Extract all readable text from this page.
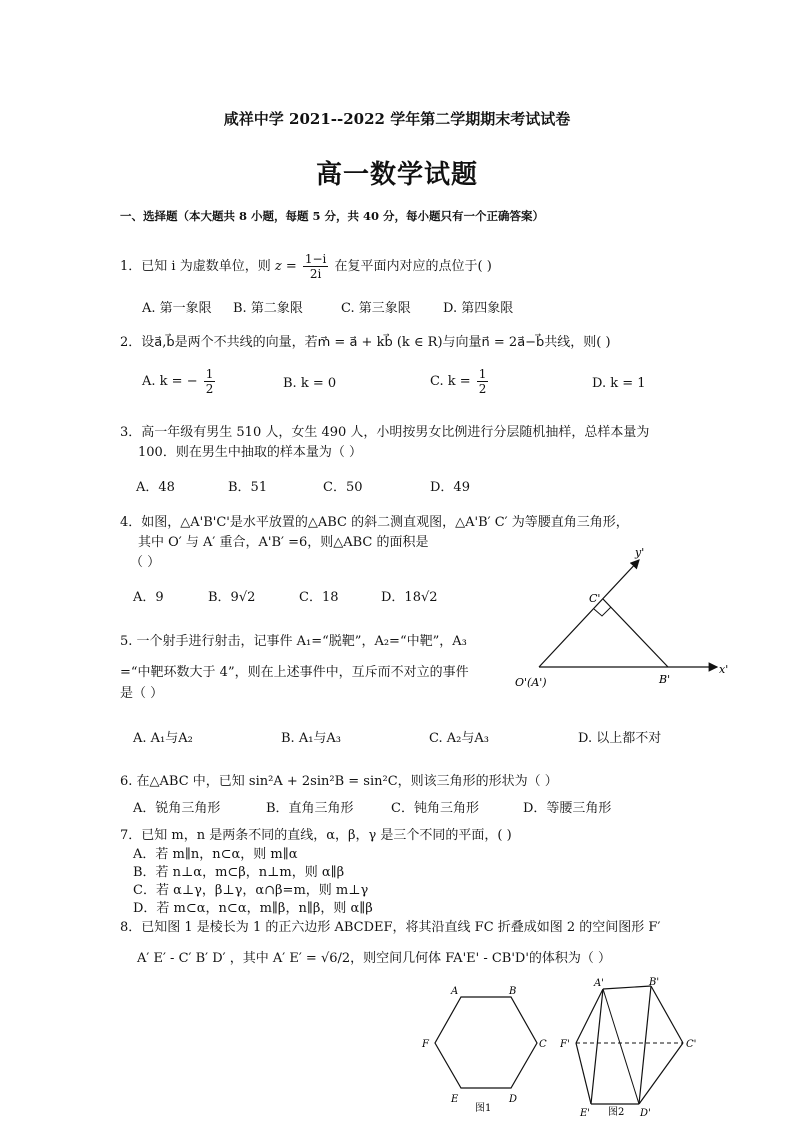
咸祥中学 2021--2022 学年第二学期期末考试试卷
高一数学试题
一、选择题（本大题共 8 小题，每题 5 分，共 40 分，每小题只有一个正确答案）
1．已知 i 为虚数单位，则 $z = \frac{1-i}{2i}$ 在复平面内对应的点位于( )
A. 第一象限 B. 第二象限	C. 第三象限 D. 第四象限
2．设a⃗,b⃗是两个不共线的向量，若m⃗ = a⃗ + kb⃗ (k ∈ R)与向量n⃗ = 2a⃗−b⃗共线，则( )
A. k = − $\frac{1}{2}$	B. k = 0	C. $k = \frac{1}{2}$	D. k = 1
3．高一年级有男生 510 人，女生 490 人，小明按男女比例进行分层随机抽样，总样本量为
100．则在男生中抽取的样本量为（ ）
A．48	B．51	C．50	D．49
4．如图，△A'B'C'是水平放置的△ABC 的斜二测直观图，△A'B′ C′ 为等腰直角三角形，
其中 O′ 与 A′ 重合，A'B′ =6，则△ABC 的面积是
（ ）
A．9	B．9√2	C．18	D．18√2
y'
x'
C'
O'(A')	B'
5. 一个射手进行射击，记事件 A₁=“脱靶”，A₂=“中靶”，A₃
=“中靶环数大于 4”，则在上述事件中，互斥而不对立的事件
是（ ）
A. A₁与A₂	B. A₁与A₃	C. A₂与A₃	D. 以上都不对
6. 在△ABC 中，已知 sin²A + 2sin²B = sin²C，则该三角形的形状为（ ）
A．锐角三角形	B．直角三角形	C．钝角三角形	D．等腰三角形
7．已知 m，n 是两条不同的直线，α，β，γ 是三个不同的平面，( )
A．若 m∥n，n⊂α，则 m∥α
B．若 n⊥α，m⊂β，n⊥m，则 α∥β
C．若 α⊥γ，β⊥γ，α∩β=m，则 m⊥γ
D．若 m⊂α，n⊂α，m∥β，n∥β，则 α∥β
8．已知图 1 是棱长为 1 的正六边形 ABCDEF，将其沿直线 FC 折叠成如图 2 的空间图形 F′
A′ E′ - C′ B′ D′ ，其中 A′ E′ = √6/2，则空间几何体 FA'E' - CB'D'的体积为（ ）
A	B
C
D
E
F
图1
A'	B'
C'
D'
E'
F'
图2
